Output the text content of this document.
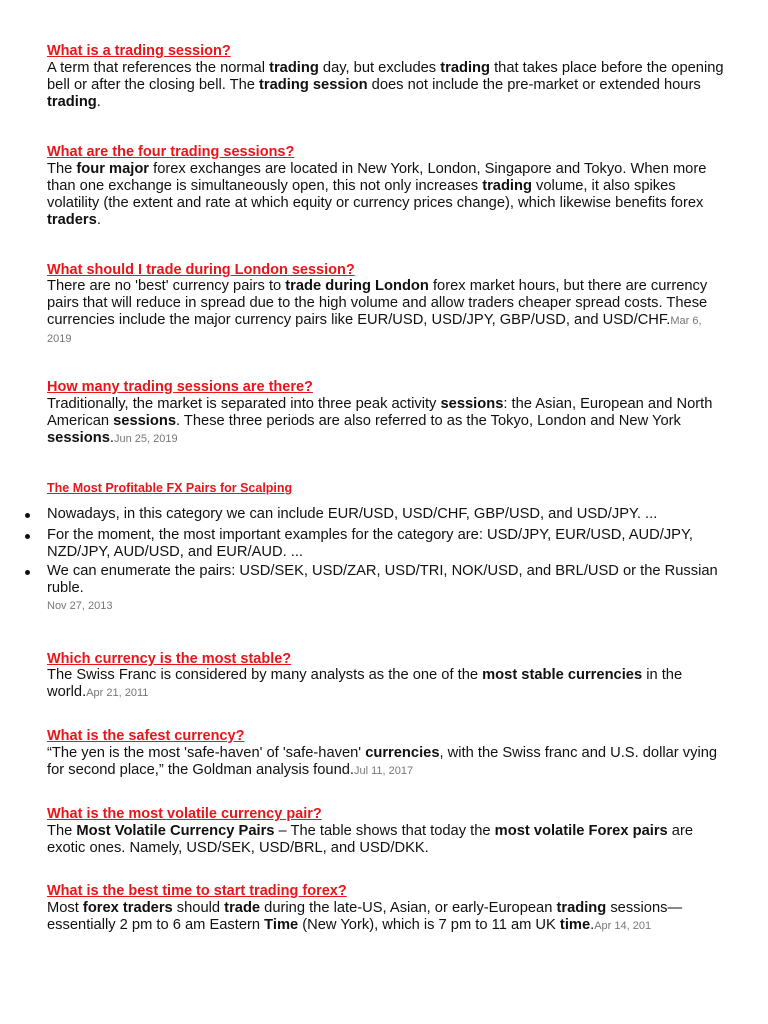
What is a trading session?
A term that references the normal trading day, but excludes trading that takes place before the opening bell or after the closing bell. The trading session does not include the pre-market or extended hours trading.
What are the four trading sessions?
The four major forex exchanges are located in New York, London, Singapore and Tokyo. When more than one exchange is simultaneously open, this not only increases trading volume, it also spikes volatility (the extent and rate at which equity or currency prices change), which likewise benefits forex traders.
What should I trade during London session?
There are no 'best' currency pairs to trade during London forex market hours, but there are currency pairs that will reduce in spread due to the high volume and allow traders cheaper spread costs. These currencies include the major currency pairs like EUR/USD, USD/JPY, GBP/USD, and USD/CHF.Mar 6, 2019
How many trading sessions are there?
Traditionally, the market is separated into three peak activity sessions: the Asian, European and North American sessions. These three periods are also referred to as the Tokyo, London and New York sessions.Jun 25, 2019
The Most Profitable FX Pairs for Scalping
Nowadays, in this category we can include EUR/USD, USD/CHF, GBP/USD, and USD/JPY. ...
For the moment, the most important examples for the category are: USD/JPY, EUR/USD, AUD/JPY, NZD/JPY, AUD/USD, and EUR/AUD. ...
We can enumerate the pairs: USD/SEK, USD/ZAR, USD/TRI, NOK/USD, and BRL/USD or the Russian ruble.
Nov 27, 2013
Which currency is the most stable?
The Swiss Franc is considered by many analysts as the one of the most stable currencies in the world.Apr 21, 2011
What is the safest currency?
“The yen is the most 'safe-haven' of 'safe-haven' currencies, with the Swiss franc and U.S. dollar vying for second place,” the Goldman analysis found.Jul 11, 2017
What is the most volatile currency pair?
The Most Volatile Currency Pairs – The table shows that today the most volatile Forex pairs are exotic ones. Namely, USD/SEK, USD/BRL, and USD/DKK.
What is the best time to start trading forex?
Most forex traders should trade during the late-US, Asian, or early-European trading sessions—essentially 2 pm to 6 am Eastern Time (New York), which is 7 pm to 11 am UK time.Apr 14, 201
